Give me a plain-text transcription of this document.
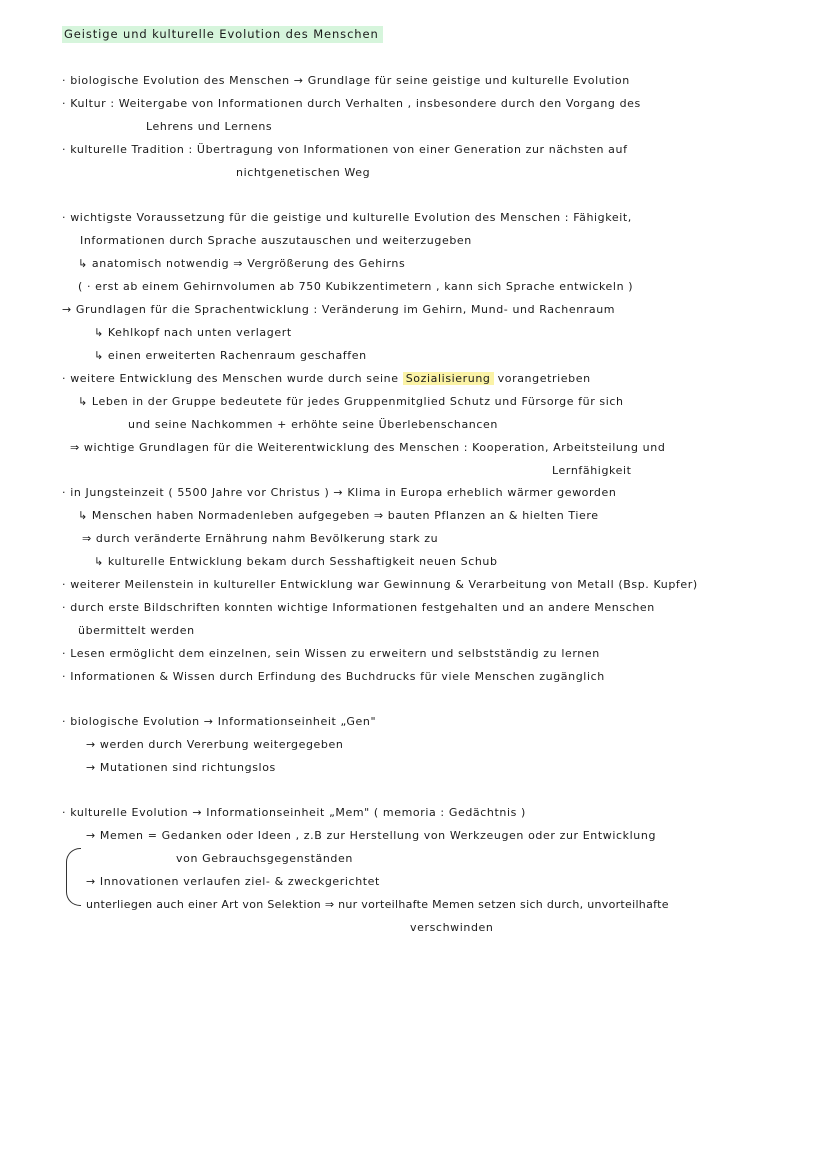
Geistige und kulturelle Evolution des Menschen
· biologische Evolution des Menschen → Grundlage für seine geistige und kulturelle Evolution
· Kultur : Weitergabe von Informationen durch Verhalten , insbesondere durch den Vorgang des
Lehrens und Lernens
· kulturelle Tradition : Übertragung von Informationen von einer Generation zur nächsten auf
nichtgenetischen Weg
· wichtigste Voraussetzung für die geistige und kulturelle Evolution des Menschen : Fähigkeit,
Informationen durch Sprache auszutauschen und weiterzugeben
↳ anatomisch notwendig ⇒ Vergrößerung des Gehirns
( · erst ab einem Gehirnvolumen ab 750 Kubikzentimetern , kann sich Sprache entwickeln )
→ Grundlagen für die Sprachentwicklung : Veränderung im Gehirn, Mund- und Rachenraum
↳ Kehlkopf nach unten verlagert
↳ einen erweiterten Rachenraum geschaffen
· weitere Entwicklung des Menschen wurde durch seine Sozialisierung vorangetrieben
↳ Leben in der Gruppe bedeutete für jedes Gruppenmitglied Schutz und Fürsorge für sich
und seine Nachkommen + erhöhte seine Überlebenschancen
⇒ wichtige Grundlagen für die Weiterentwicklung des Menschen : Kooperation, Arbeitsteilung und
Lernfähigkeit
· in Jungsteinzeit ( 5500 Jahre vor Christus ) → Klima in Europa erheblich wärmer geworden
↳ Menschen haben Normadenleben aufgegeben ⇒ bauten Pflanzen an & hielten Tiere
⇒ durch veränderte Ernährung nahm Bevölkerung stark zu
↳ kulturelle Entwicklung bekam durch Sesshaftigkeit neuen Schub
· weiterer Meilenstein in kultureller Entwicklung war Gewinnung & Verarbeitung von Metall (Bsp. Kupfer)
· durch erste Bildschriften konnten wichtige Informationen festgehalten und an andere Menschen
übermittelt werden
· Lesen ermöglicht dem einzelnen, sein Wissen zu erweitern und selbstständig zu lernen
· Informationen & Wissen durch Erfindung des Buchdrucks für viele Menschen zugänglich
· biologische Evolution → Informationseinheit „Gen"
→ werden durch Vererbung weitergegeben
→ Mutationen sind richtungslos
· kulturelle Evolution → Informationseinheit „Mem" ( memoria : Gedächtnis )
→ Memen = Gedanken oder Ideen , z.B zur Herstellung von Werkzeugen oder zur Entwicklung
von Gebrauchsgegenständen
→ Innovationen verlaufen ziel- & zweckgerichtet
unterliegen auch einer Art von Selektion ⇒ nur vorteilhafte Memen setzen sich durch, unvorteilhafte
verschwinden
